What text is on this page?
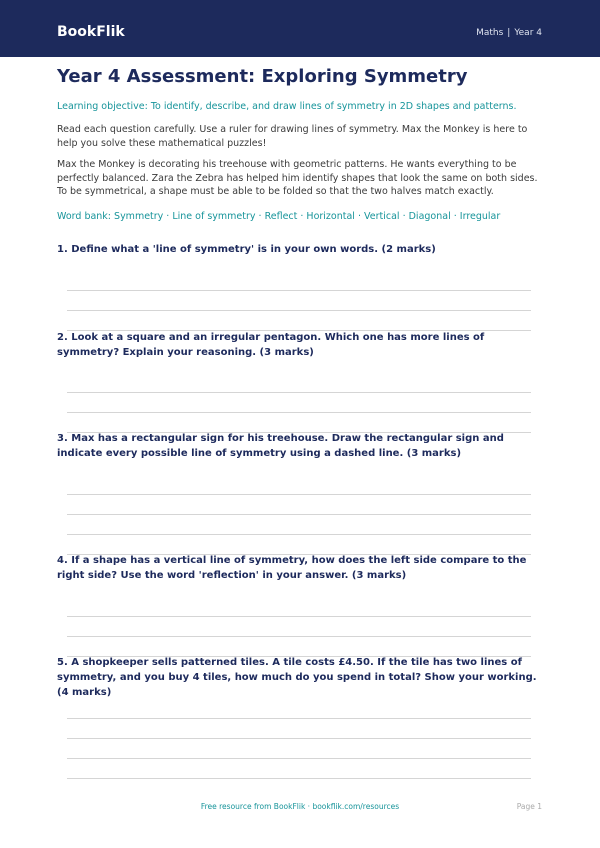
BookFlik	Maths | Year 4
Year 4 Assessment: Exploring Symmetry
Learning objective: To identify, describe, and draw lines of symmetry in 2D shapes and patterns.
Read each question carefully. Use a ruler for drawing lines of symmetry. Max the Monkey is here to help you solve these mathematical puzzles!
Max the Monkey is decorating his treehouse with geometric patterns. He wants everything to be perfectly balanced. Zara the Zebra has helped him identify shapes that look the same on both sides. To be symmetrical, a shape must be able to be folded so that the two halves match exactly.
Word bank: Symmetry · Line of symmetry · Reflect · Horizontal · Vertical · Diagonal · Irregular
1. Define what a 'line of symmetry' is in your own words. (2 marks)
2. Look at a square and an irregular pentagon. Which one has more lines of symmetry? Explain your reasoning. (3 marks)
3. Max has a rectangular sign for his treehouse. Draw the rectangular sign and indicate every possible line of symmetry using a dashed line. (3 marks)
4. If a shape has a vertical line of symmetry, how does the left side compare to the right side? Use the word 'reflection' in your answer. (3 marks)
5. A shopkeeper sells patterned tiles. A tile costs £4.50. If the tile has two lines of symmetry, and you buy 4 tiles, how much do you spend in total? Show your working. (4 marks)
Free resource from BookFlik · bookflik.com/resources	Page 1
